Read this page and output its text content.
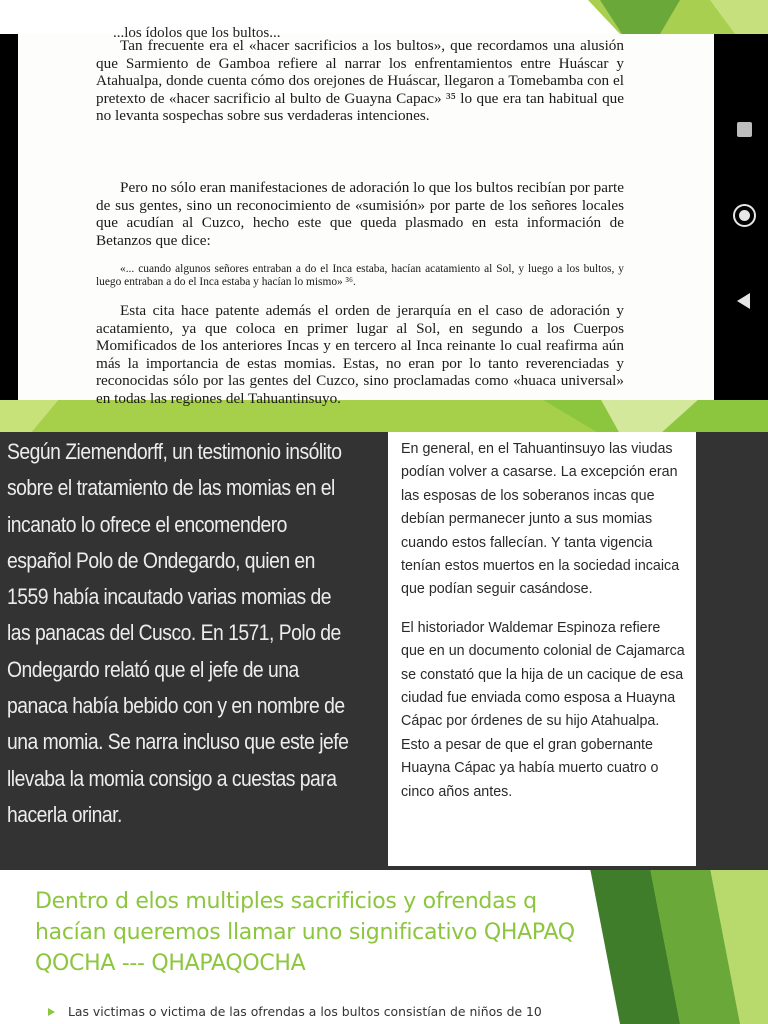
...los ídolos que los bultos...

Tan frecuente era el «hacer sacrificios a los bultos», que recordamos una alusión que Sarmiento de Gamboa refiere al narrar los enfrentamientos entre Huáscar y Atahualpa, donde cuenta cómo dos orejones de Huáscar, llegaron a Tomebamba con el pretexto de «hacer sacrificio al bulto de Guayna Capac» ³⁵ lo que era tan habitual que no levanta sospechas sobre sus verdaderas intenciones.

Pero no sólo eran manifestaciones de adoración lo que los bultos recibían por parte de sus gentes, sino un reconocimiento de «sumisión» por parte de los señores locales que acudían al Cuzco, hecho este que queda plasmado en esta información de Betanzos que dice:

«... cuando algunos señores entraban a do el Inca estaba, hacían acatamiento al Sol, y luego a los bultos, y luego entraban a do el Inca estaba y hacían lo mismo» ³⁶.

Esta cita hace patente además el orden de jerarquía en el caso de adoración y acatamiento, ya que coloca en primer lugar al Sol, en segundo a los Cuerpos Momificados de los anteriores Incas y en tercero al Inca reinante lo cual reafirma aún más la importancia de estas momias. Estas, no eran por lo tanto reverenciadas y reconocidas sólo por las gentes del Cuzco, sino proclamadas como «huaca universal» en todas las regiones del Tahuantinsuyo.

Según Ziemendorff, un testimonio insólito sobre el tratamiento de las momias en el incanato lo ofrece el encomendero español Polo de Ondegardo, quien en 1559 había incautado varias momias de las panacas del Cusco. En 1571, Polo de Ondegardo relató que el jefe de una panaca había bebido con y en nombre de una momia. Se narra incluso que este jefe llevaba la momia consigo a cuestas para hacerla orinar.

En general, en el Tahuantinsuyo las viudas podían volver a casarse. La excepción eran las esposas de los soberanos incas que debían permanecer junto a sus momias cuando estos fallecían. Y tanta vigencia tenían estos muertos en la sociedad incaica que podían seguir casándose.

El historiador Waldemar Espinoza refiere que en un documento colonial de Cajamarca se constató que la hija de un cacique de esa ciudad fue enviada como esposa a Huayna Cápac por órdenes de su hijo Atahualpa. Esto a pesar de que el gran gobernante Huayna Cápac ya había muerto cuatro o cinco años antes.

Dentro d elos multiples sacrificios y ofrendas q hacían queremos llamar uno significativo QHAPAQ QOCHA --- QHAPAQOCHA
Las victimas o victima de las ofrendas a los bultos consistían de niños de 10
